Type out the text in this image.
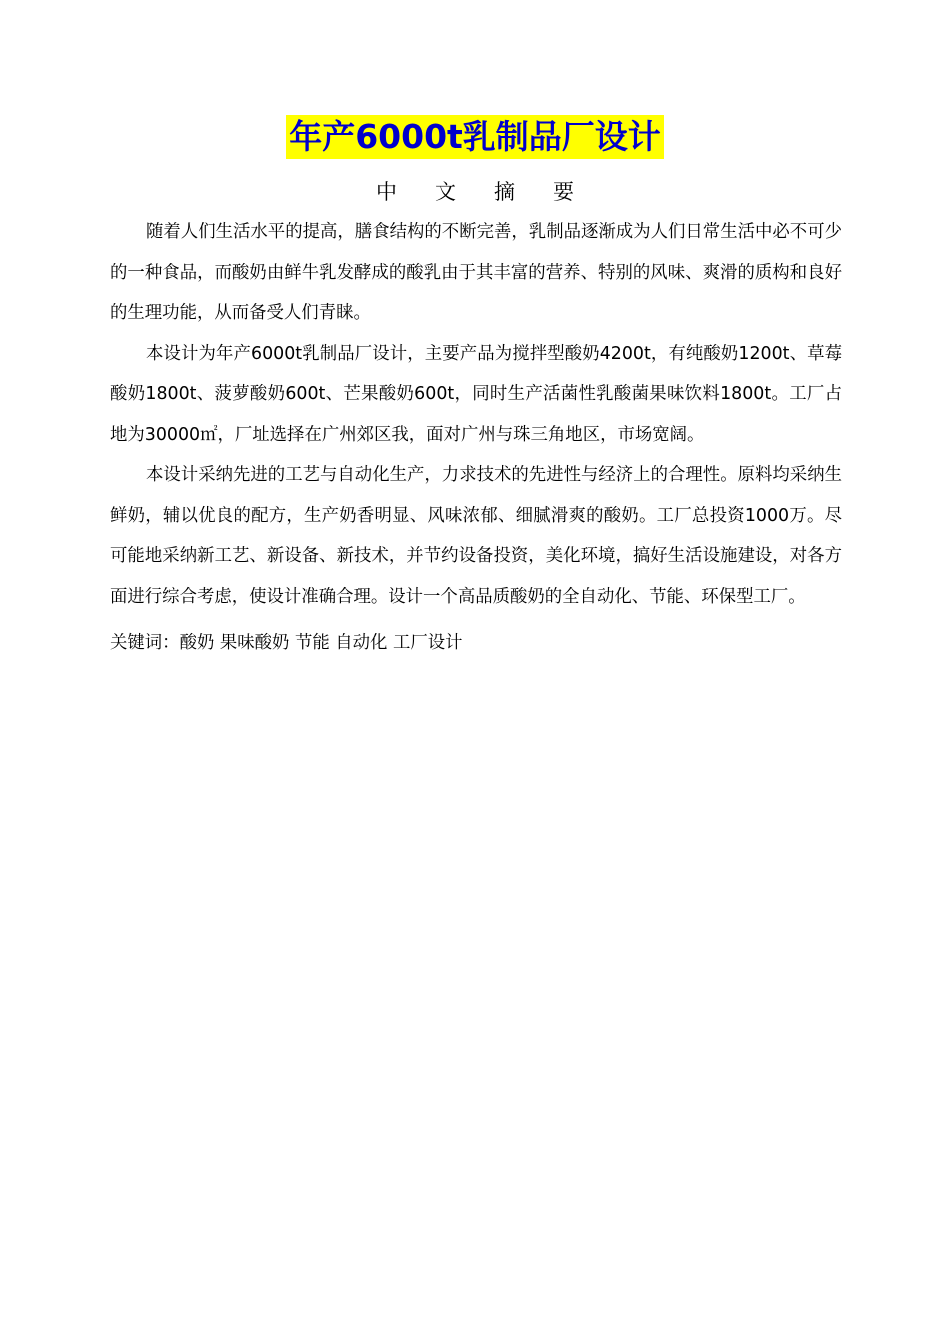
年产6000t乳制品厂设计
中文摘要

随着人们生活水平的提高，膳食结构的不断完善，乳制品逐渐成为人们日常生活中必不可少的一种食品，而酸奶由鲜牛乳发酵成的酸乳由于其丰富的营养、特别的风味、爽滑的质构和良好的生理功能，从而备受人们青睐。

本设计为年产6000t乳制品厂设计，主要产品为搅拌型酸奶4200t，有纯酸奶1200t、草莓酸奶1800t、菠萝酸奶600t、芒果酸奶600t，同时生产活菌性乳酸菌果味饮料1800t。工厂占地为30000㎡，厂址选择在广州郊区我，面对广州与珠三角地区，市场宽阔。

本设计采纳先进的工艺与自动化生产，力求技术的先进性与经济上的合理性。原料均采纳生鲜奶，辅以优良的配方，生产奶香明显、风味浓郁、细腻滑爽的酸奶。工厂总投资1000万。尽可能地采纳新工艺、新设备、新技术，并节约设备投资，美化环境，搞好生活设施建设，对各方面进行综合考虑，使设计准确合理。设计一个高品质酸奶的全自动化、节能、环保型工厂。

关键词：酸奶 果味酸奶 节能 自动化 工厂设计
